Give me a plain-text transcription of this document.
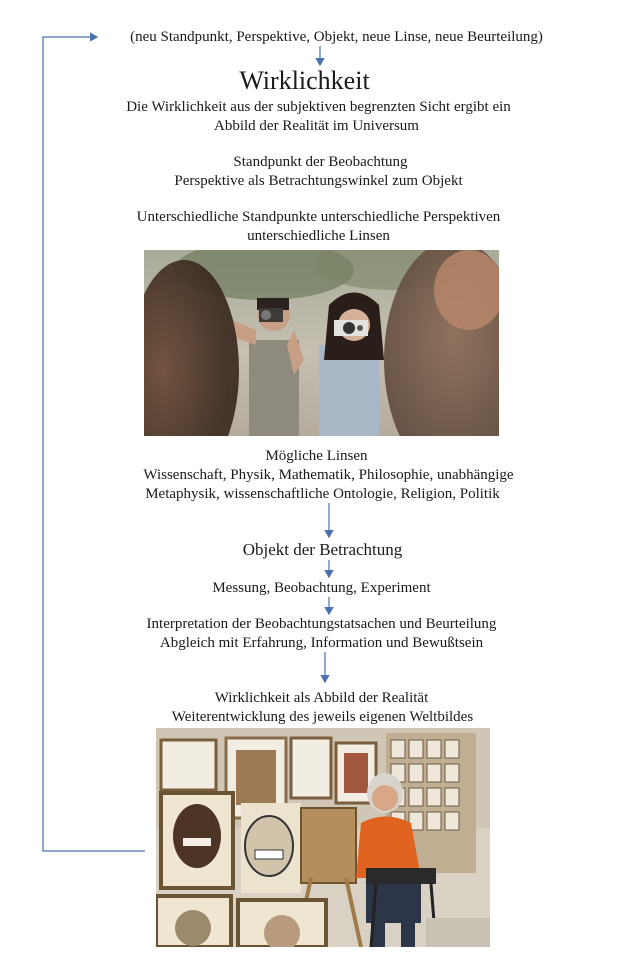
(neu Standpunkt, Perspektive, Objekt, neue Linse, neue Beurteilung)
Wirklichkeit
Die Wirklichkeit aus der subjektiven begrenzten Sicht ergibt ein
Abbild der Realität im Universum
Standpunkt der Beobachtung
Perspektive als Betrachtungswinkel zum Objekt
Unterschiedliche Standpunkte unterschiedliche Perspektiven
unterschiedliche Linsen
Mögliche Linsen
Wissenschaft, Physik, Mathematik, Philosophie, unabhängige
Metaphysik, wissenschaftliche Ontologie, Religion, Politik
Objekt der Betrachtung
Messung, Beobachtung, Experiment
Interpretation der Beobachtungstatsachen und Beurteilung
Abgleich mit Erfahrung, Information und Bewußtsein
Wirklichkeit als Abbild der Realität
Weiterentwicklung des jeweils eigenen Weltbildes
